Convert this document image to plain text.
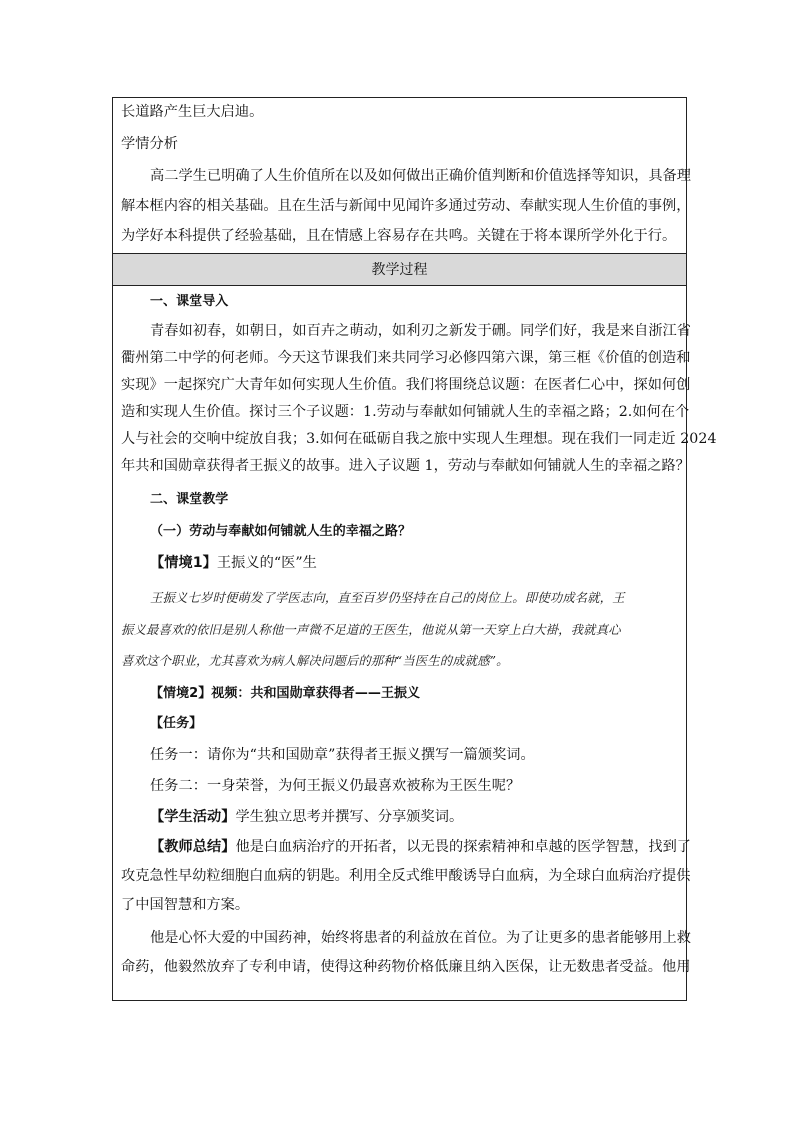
长道路产生巨大启迪。
学情分析
高二学生已明确了人生价值所在以及如何做出正确价值判断和价值选择等知识，具备理
解本框内容的相关基础。且在生活与新闻中见闻许多通过劳动、奉献实现人生价值的事例，
为学好本科提供了经验基础，且在情感上容易存在共鸣。关键在于将本课所学外化于行。
教学过程
一、课堂导入
青春如初春，如朝日，如百卉之萌动，如利刃之新发于硎。同学们好，我是来自浙江省
衢州第二中学的何老师。今天这节课我们来共同学习必修四第六课，第三框《价值的创造和
实现》一起探究广大青年如何实现人生价值。我们将围绕总议题：在医者仁心中，探如何创
造和实现人生价值。探讨三个子议题：1.劳动与奉献如何铺就人生的幸福之路；2.如何在个
人与社会的交响中绽放自我；3.如何在砥砺自我之旅中实现人生理想。现在我们一同走近 2024
年共和国勋章获得者王振义的故事。进入子议题 1，劳动与奉献如何铺就人生的幸福之路？
二、课堂教学
（一）劳动与奉献如何铺就人生的幸福之路？
【情境1】王振义的“医”生
王振义七岁时便萌发了学医志向，直至百岁仍坚持在自己的岗位上。即使功成名就，王
振义最喜欢的依旧是别人称他一声微不足道的王医生，他说从第一天穿上白大褂，我就真心
喜欢这个职业，尤其喜欢为病人解决问题后的那种“当医生的成就感”。
【情境2】视频：共和国勋章获得者——王振义
【任务】
任务一：请你为“共和国勋章”获得者王振义撰写一篇颁奖词。
任务二：一身荣誉，为何王振义仍最喜欢被称为王医生呢？
【学生活动】学生独立思考并撰写、分享颁奖词。
【教师总结】他是白血病治疗的开拓者，以无畏的探索精神和卓越的医学智慧，找到了
攻克急性早幼粒细胞白血病的钥匙。利用全反式维甲酸诱导白血病，为全球白血病治疗提供
了中国智慧和方案。
他是心怀大爱的中国药神，始终将患者的利益放在首位。为了让更多的患者能够用上救
命药，他毅然放弃了专利申请，使得这种药物价格低廉且纳入医保，让无数患者受益。他用
